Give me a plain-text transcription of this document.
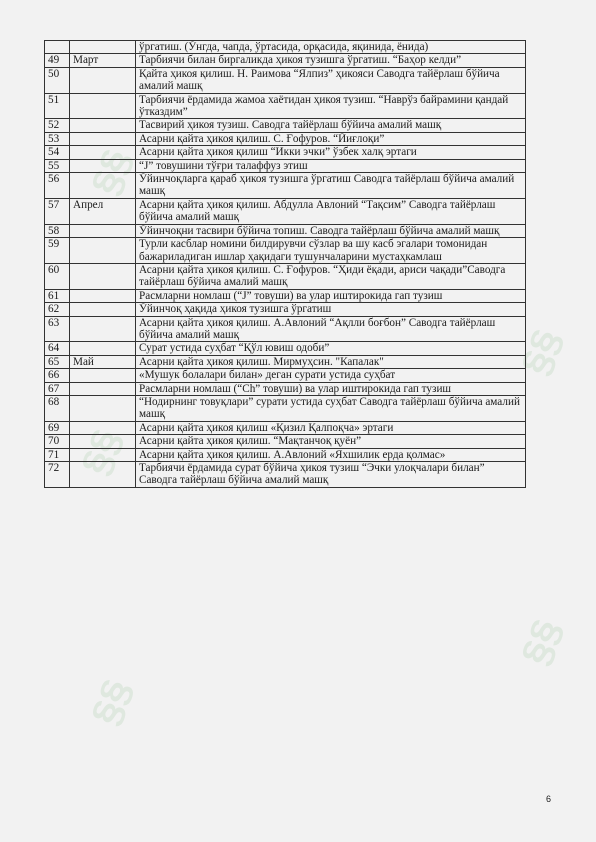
§§
§§
§§
§§
§§
		ўргатиш. (Ўнгда, чапда, ўртасида, орқасида, яқинида, ёнида)
49	Март	Тарбиячи билан биргаликда ҳикоя тузишга ўргатиш. “Баҳор келди”
50		Қайта ҳикоя қилиш. Н. Раимова “Ялпиз” ҳикояси Саводга тайёрлаш бўйича амалий машқ
51		Тарбиячи ёрдамида жамоа хаётидан ҳикоя тузиш. “Наврўз байрамини қандай ўтказдим”
52		Тасвирий ҳикоя тузиш. Саводга тайёрлаш бўйича амалий машқ
53		Асарни қайта ҳикоя қилиш. С. Ғофуров. “Йиғлоқи”
54		Асарни қайта ҳикоя қилиш “Икки эчки” ўзбек халқ эртаги
55		“J” товушини тўғри талаффуз этиш
56		Ўйинчоқларга қараб ҳикоя тузишга ўргатиш Саводга тайёрлаш бўйича амалий машқ
57	Апрел	Асарни қайта ҳикоя қилиш. Абдулла Авлоний “Тақсим” Саводга тайёрлаш бўйича амалий машқ
58		Ўйинчоқни тасвири бўйича топиш. Саводга тайёрлаш бўйича амалий машқ
59		Турли касблар номини билдирувчи сўзлар ва шу касб эгалари томонидан бажариладиган ишлар ҳақидаги тушунчаларини мустаҳкамлаш
60		Асарни қайта ҳикоя қилиш. С. Ғофуров. “Ҳиди ёқади, ариси чақади”Саводга тайёрлаш бўйича амалий машқ
61		Расмларни номлаш (“J” товуши) ва улар иштирокида гап тузиш
62		Ўйинчоқ ҳақида ҳикоя тузишга ўргатиш
63		Асарни қайта ҳикоя қилиш. А.Авлоний “Ақлли боғбон” Саводга тайёрлаш бўйича амалий машқ
64		Сурат устида суҳбат “Қўл ювиш одоби”
65	Май	Асарни қайта ҳикоя қилиш. Мирмуҳсин. "Капалак"
66		«Мушук болалари билан» деган сурати устида суҳбат
67		Расмларни номлаш (“Ch” товуши) ва улар иштирокида гап тузиш
68		“Нодирнинг товуқлари” сурати устида суҳбат Саводга тайёрлаш бўйича амалий машқ
69		Асарни қайта ҳикоя қилиш «Қизил Қалпоқча» эртаги
70		Асарни қайта ҳикоя қилиш. “Мақтанчоқ қуён”
71		Асарни қайта ҳикоя қилиш. А.Авлоний «Яхшилик ерда қолмас»
72		Тарбиячи ёрдамида сурат бўйича ҳикоя тузиш “Эчки улоқчалари билан” Саводга тайёрлаш бўйича амалий машқ
6
